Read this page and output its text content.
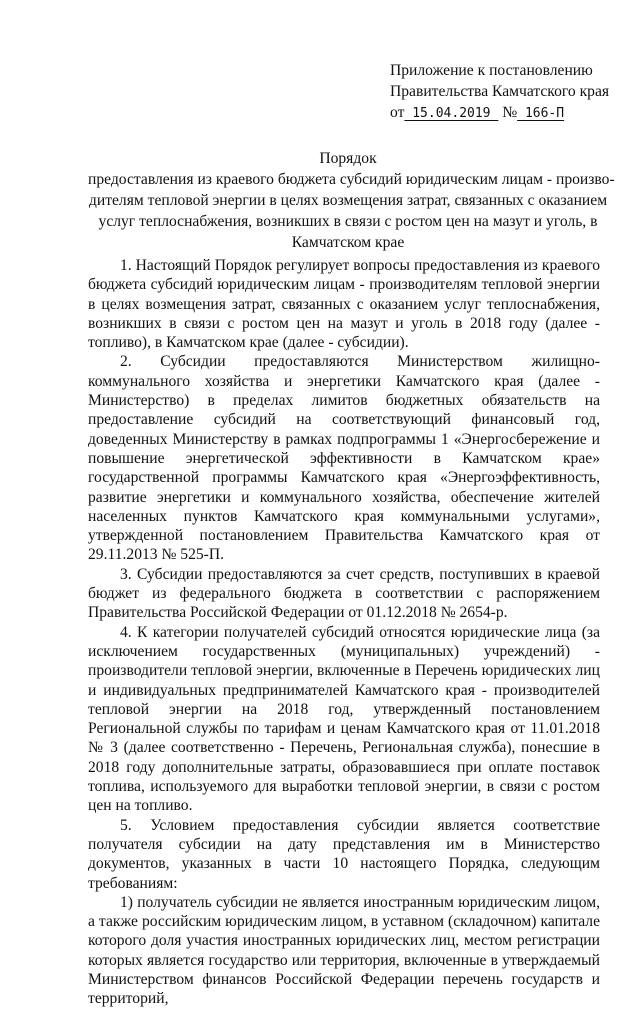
Приложение к постановлению
Правительства Камчатского края
от 15.04.2019  № 166-П
Порядок
предоставления из краевого бюджета субсидий юридическим лицам - произво-
дителям тепловой энергии в целях возмещения затрат, связанных с оказанием
услуг теплоснабжения, возникших в связи с ростом цен на мазут и уголь, в
Камчатском крае

1. Настоящий Порядок регулирует вопросы предоставления из краевого бюджета субсидий юридическим лицам - производителям тепловой энергии в целях возмещения затрат, связанных с оказанием услуг теплоснабжения, возникших в связи с ростом цен на мазут и уголь в 2018 году (далее - топливо), в Камчатском крае (далее - субсидии).

2. Субсидии предоставляются Министерством жилищно-коммунального хозяйства и энергетики Камчатского края (далее - Министерство) в пределах лимитов бюджетных обязательств на предоставление субсидий на соответствующий финансовый год, доведенных Министерству в рамках подпрограммы 1 «Энергосбережение и повышение энергетической эффективности в Камчатском крае» государственной программы Камчатского края «Энергоэффективность, развитие энергетики и коммунального хозяйства, обеспечение жителей населенных пунктов Камчатского края коммунальными услугами», утвержденной постановлением Правительства Камчатского края от 29.11.2013 № 525-П.

3. Субсидии предоставляются за счет средств, поступивших в краевой бюджет из федерального бюджета в соответствии с распоряжением Правительства Российской Федерации от 01.12.2018 № 2654-р.

4. К категории получателей субсидий относятся юридические лица (за исключением государственных (муниципальных) учреждений) - производители тепловой энергии, включенные в Перечень юридических лиц и индивидуальных предпринимателей Камчатского края - производителей тепловой энергии на 2018 год, утвержденный постановлением Региональной службы по тарифам и ценам Камчатского края от 11.01.2018 № 3 (далее соответственно - Перечень, Региональная служба), понесшие в 2018 году дополнительные затраты, образовавшиеся при оплате поставок топлива, используемого для выработки тепловой энергии, в связи с ростом цен на топливо.

5. Условием предоставления субсидии является соответствие получателя субсидии на дату представления им в Министерство документов, указанных в части 10 настоящего Порядка, следующим требованиям:

1) получатель субсидии не является иностранным юридическим лицом, а также российским юридическим лицом, в уставном (складочном) капитале которого доля участия иностранных юридических лиц, местом регистрации которых является государство или территория, включенные в утверждаемый Министерством финансов Российской Федерации перечень государств и территорий,
